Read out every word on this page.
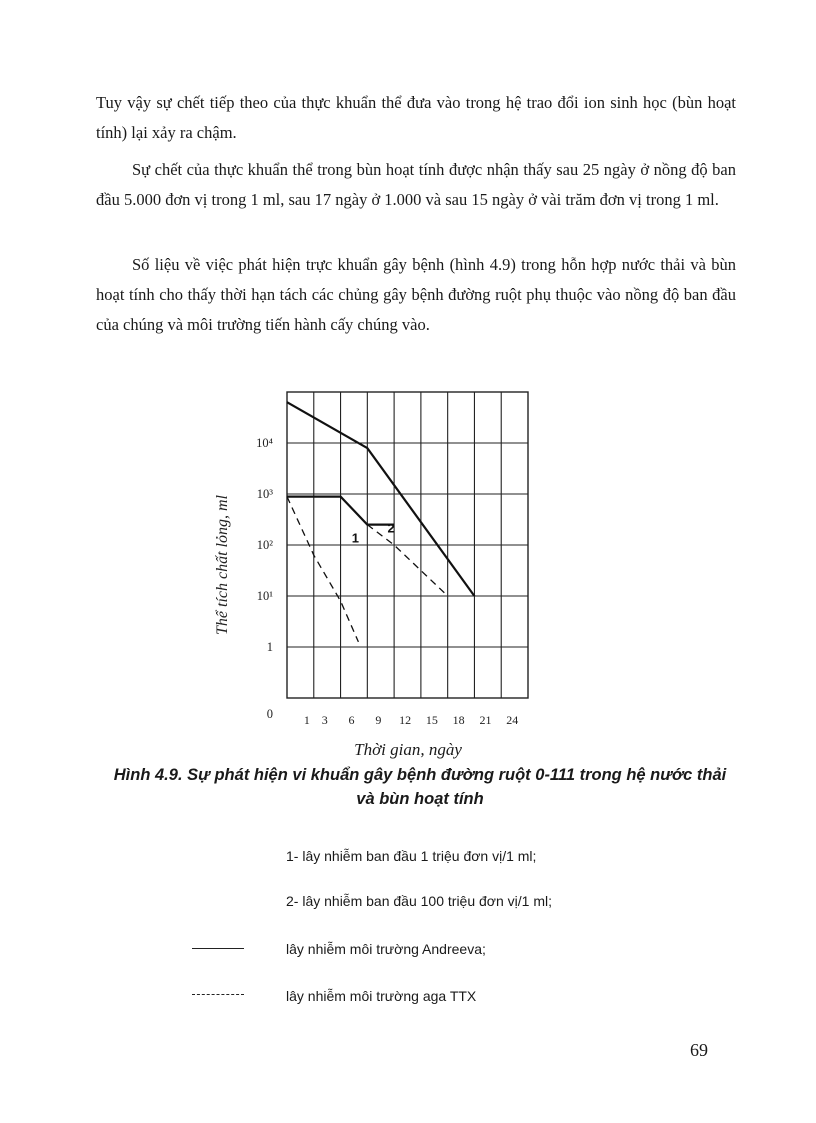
Tuy vậy sự chết tiếp theo của thực khuẩn thể đưa vào trong hệ trao đổi ion sinh học (bùn hoạt tính) lại xảy ra chậm.

Sự chết của thực khuẩn thể trong bùn hoạt tính được nhận thấy sau 25 ngày ở nồng độ ban đầu 5.000 đơn vị trong 1 ml, sau 17 ngày ở 1.000 và sau 15 ngày ở vài trăm đơn vị trong 1 ml.

Số liệu về việc phát hiện trực khuẩn gây bệnh (hình 4.9) trong hỗn hợp nước thải và bùn hoạt tính cho thấy thời hạn tách các chủng gây bệnh đường ruột phụ thuộc vào nồng độ ban đầu của chúng và môi trường tiến hành cấy chúng vào.

1 3 6 9 12 15 18 21 24
0
1
10¹
10²
10³
10⁴
Thể tích chất lỏng, ml	1
2
Thời gian, ngày

Hình 4.9. Sự phát hiện vi khuẩn gây bệnh đường ruột 0-111 trong hệ nước thải và bùn hoạt tính

1- lây nhiễm ban đầu 1 triệu đơn vị/1 ml;
2- lây nhiễm ban đầu 100 triệu đơn vị/1 ml;
lây nhiễm môi trường Andreeva;
lây nhiễm môi trường aga TTX
69
